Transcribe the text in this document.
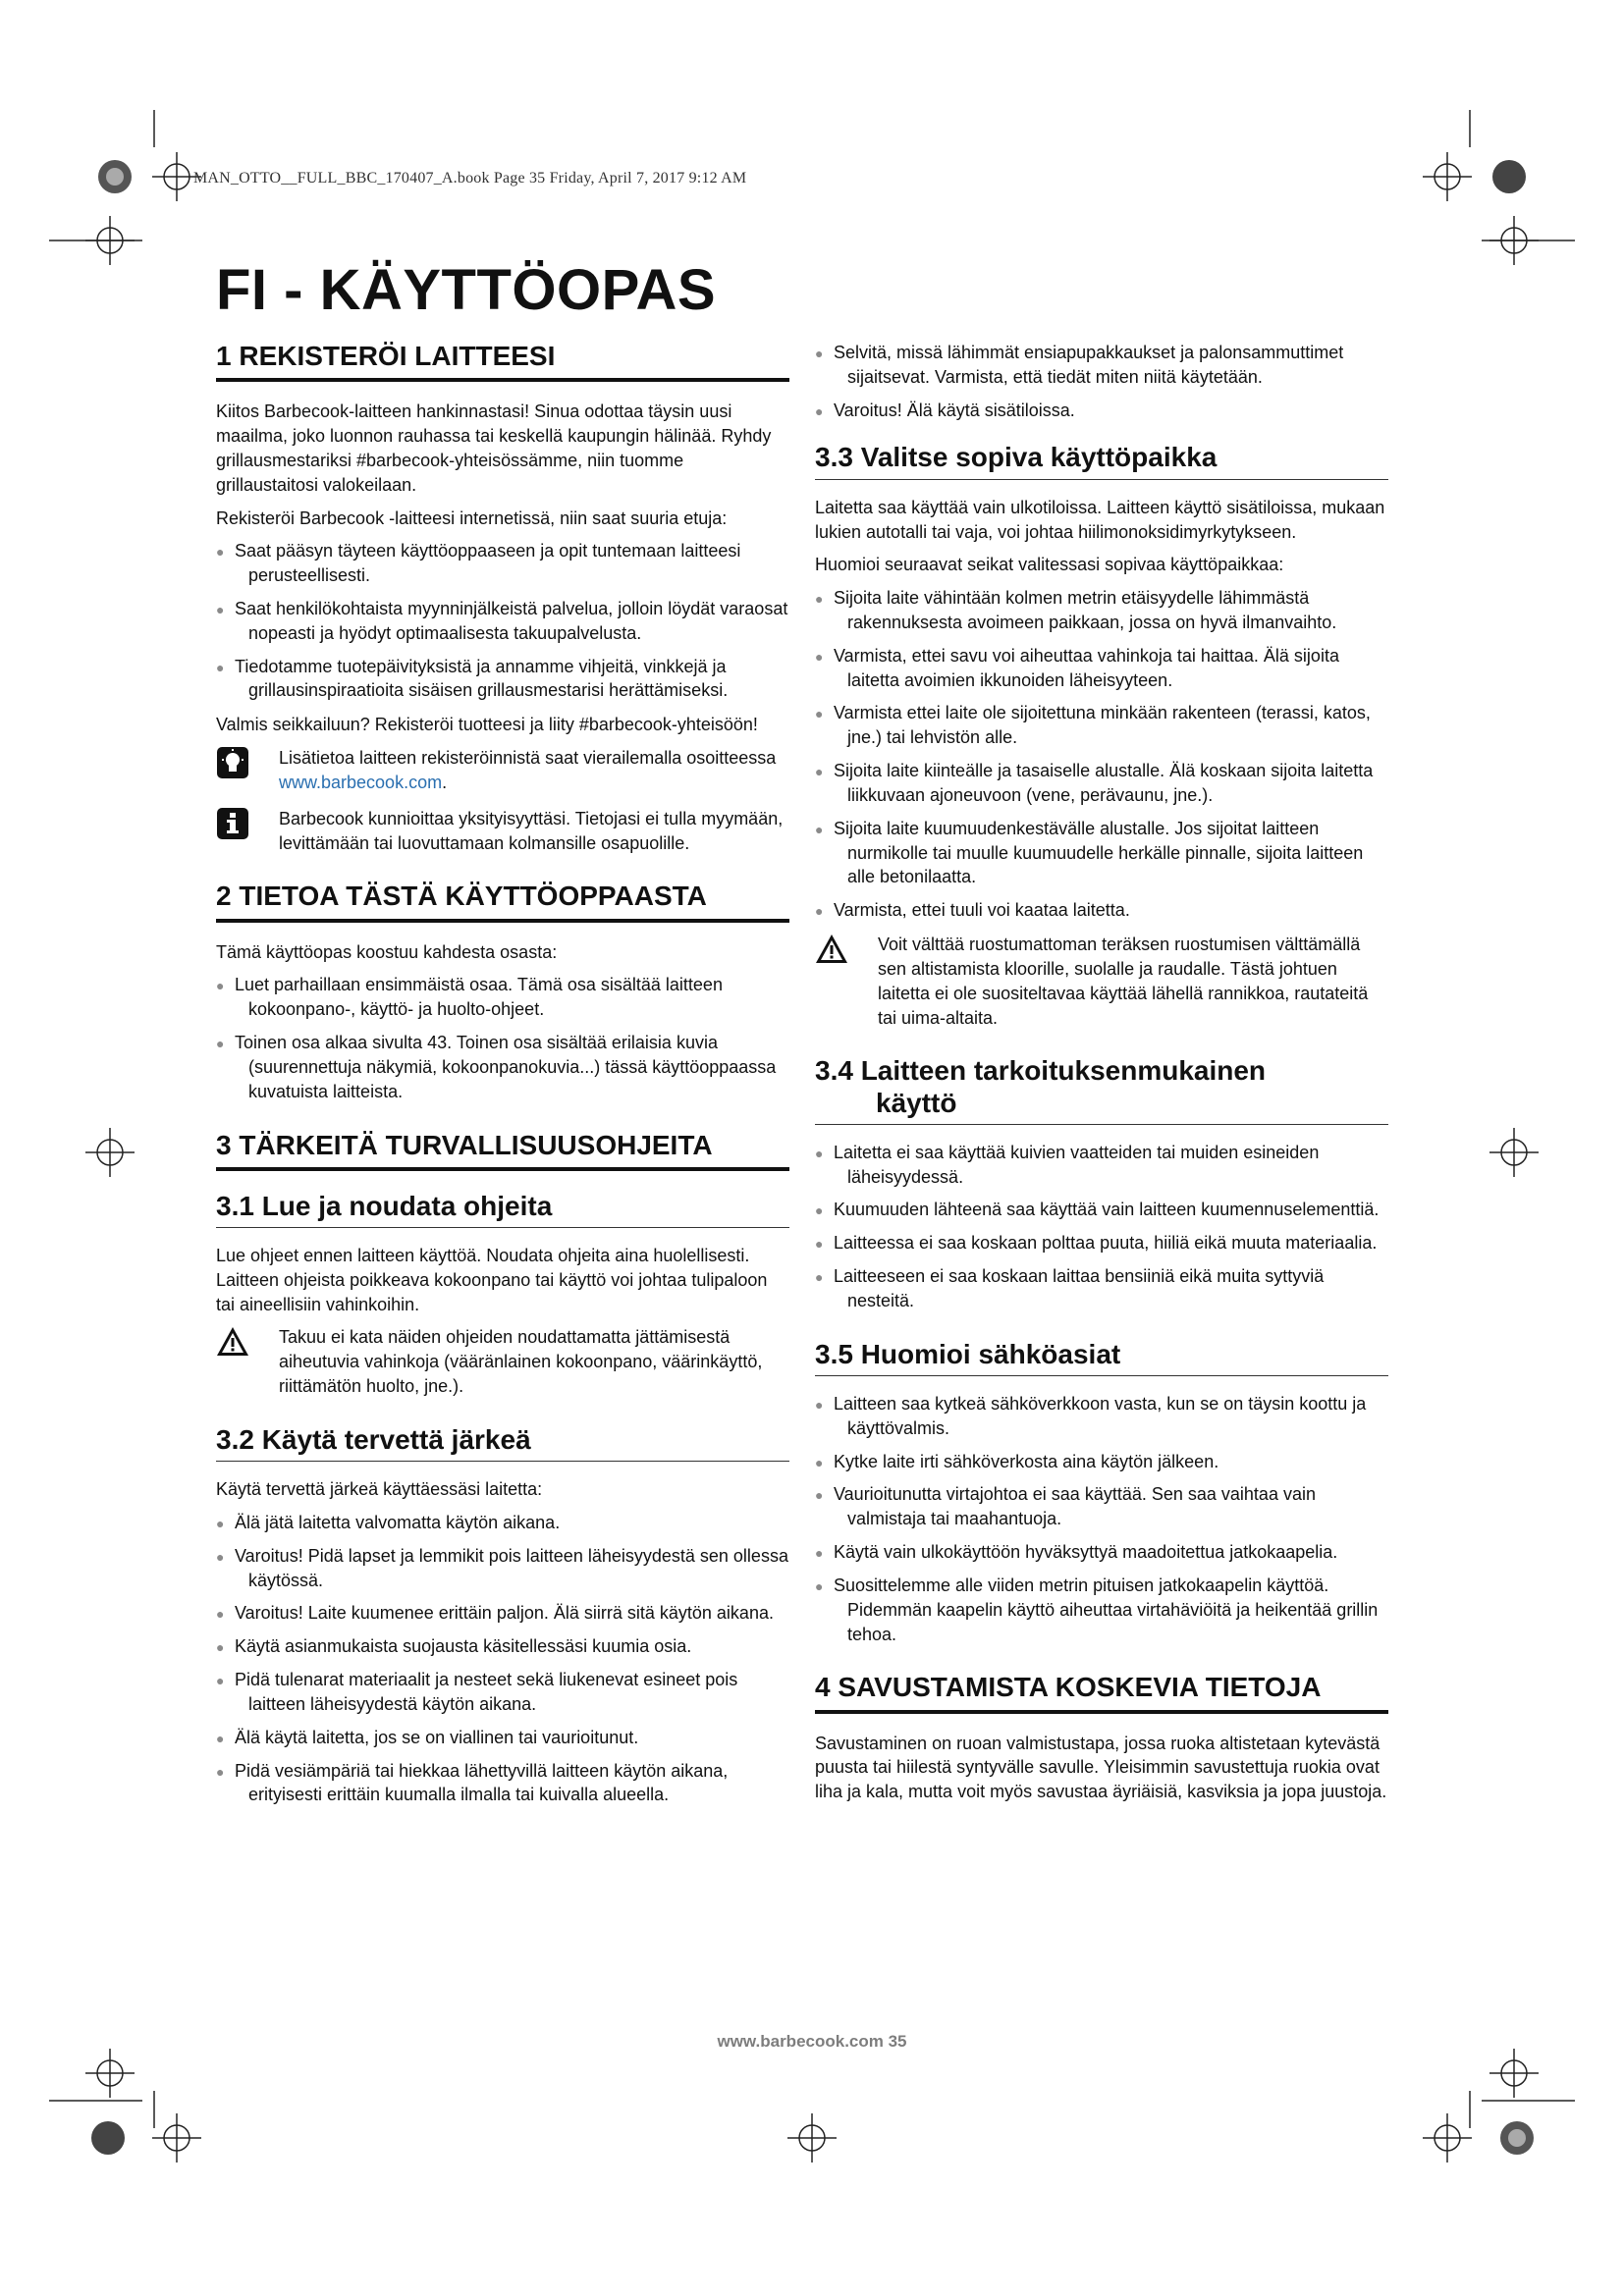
MAN_OTTO__FULL_BBC_170407_A.book Page 35 Friday, April 7, 2017 9:12 AM
FI - KÄYTTÖOPAS
1 REKISTERÖI LAITTEESI

Kiitos Barbecook-laitteen hankinnastasi! Sinua odottaa täysin uusi maailma, joko luonnon rauhassa tai keskellä kaupungin hälinää. Ryhdy grillausmestariksi #barbecook-yhteisössämme, niin tuomme grillaustaitosi valokeilaan.

Rekisteröi Barbecook -laitteesi internetissä, niin saat suuria etuja:

● Saat pääsyn täyteen käyttöoppaaseen ja opit tuntemaan laitteesi perusteellisesti.
● Saat henkilökohtaista myynninjälkeistä palvelua, jolloin löydät varaosat nopeasti ja hyödyt optimaalisesta takuupalvelusta.
● Tiedotamme tuotepäivityksistä ja annamme vihjeitä, vinkkejä ja grillausinspiraatioita sisäisen grillausmestarisi herättämiseksi.

Valmis seikkailuun? Rekisteröi tuotteesi ja liity #barbecook-yhteisöön!

Lisätietoa laitteen rekisteröinnistä saat vierailemalla osoitteessa
www.barbecook.com.

Barbecook kunnioittaa yksityisyyttäsi. Tietojasi ei tulla myymään, levittämään tai luovuttamaan kolmansille osapuolille.

2 TIETOA TÄSTÄ KÄYTTÖOPPAASTA

Tämä käyttöopas koostuu kahdesta osasta:

● Luet parhaillaan ensimmäistä osaa. Tämä osa sisältää laitteen kokoonpano-, käyttö- ja huolto-ohjeet.
● Toinen osa alkaa sivulta 43. Toinen osa sisältää erilaisia kuvia (suurennettuja näkymiä, kokoonpanokuvia...) tässä käyttöoppaassa kuvatuista laitteista.
3 TÄRKEITÄ TURVALLISUUSOHJEITA
3.1 Lue ja noudata ohjeita

Lue ohjeet ennen laitteen käyttöä. Noudata ohjeita aina huolellisesti. Laitteen ohjeista poikkeava kokoonpano tai käyttö voi johtaa tulipaloon tai aineellisiin vahinkoihin.

Takuu ei kata näiden ohjeiden noudattamatta jättämisestä aiheutuvia vahinkoja (vääränlainen kokoonpano, väärinkäyttö, riittämätön huolto, jne.).

3.2 Käytä tervettä järkeä

Käytä tervettä järkeä käyttäessäsi laitetta:

● Älä jätä laitetta valvomatta käytön aikana.
● Varoitus! Pidä lapset ja lemmikit pois laitteen läheisyydestä sen ollessa käytössä.
● Varoitus! Laite kuumenee erittäin paljon. Älä siirrä sitä käytön aikana.
● Käytä asianmukaista suojausta käsitellessäsi kuumia osia.
● Pidä tulenarat materiaalit ja nesteet sekä liukenevat esineet pois laitteen läheisyydestä käytön aikana.
● Älä käytä laitetta, jos se on viallinen tai vaurioitunut.
● Pidä vesiämpäriä tai hiekkaa lähettyvillä laitteen käytön aikana, erityisesti erittäin kuumalla ilmalla tai kuivalla alueella.
● Selvitä, missä lähimmät ensiapupakkaukset ja palonsammuttimet sijaitsevat. Varmista, että tiedät miten niitä käytetään.
● Varoitus! Älä käytä sisätiloissa.
3.3 Valitse sopiva käyttöpaikka

Laitetta saa käyttää vain ulkotiloissa. Laitteen käyttö sisätiloissa, mukaan lukien autotalli tai vaja, voi johtaa hiilimonoksidimyrkytykseen.

Huomioi seuraavat seikat valitessasi sopivaa käyttöpaikkaa:

● Sijoita laite vähintään kolmen metrin etäisyydelle lähimmästä rakennuksesta avoimeen paikkaan, jossa on hyvä ilmanvaihto.
● Varmista, ettei savu voi aiheuttaa vahinkoja tai haittaa. Älä sijoita laitetta avoimien ikkunoiden läheisyyteen.
● Varmista ettei laite ole sijoitettuna minkään rakenteen (terassi, katos, jne.) tai lehvistön alle.
● Sijoita laite kiinteälle ja tasaiselle alustalle. Älä koskaan sijoita laitetta liikkuvaan ajoneuvoon (vene, perävaunu, jne.).
● Sijoita laite kuumuudenkestävälle alustalle. Jos sijoitat laitteen nurmikolle tai muulle kuumuudelle herkälle pinnalle, sijoita laitteen alle betonilaatta.
● Varmista, ettei tuuli voi kaataa laitetta.

Voit välttää ruostumattoman teräksen ruostumisen välttämällä sen altistamista kloorille, suolalle ja raudalle. Tästä johtuen laitetta ei ole suositeltavaa käyttää lähellä rannikkoa, rautateitä tai uima-altaita.

3.4 Laitteen tarkoituksenmukainen
käyttö
● Laitetta ei saa käyttää kuivien vaatteiden tai muiden esineiden läheisyydessä.
● Kuumuuden lähteenä saa käyttää vain laitteen kuumennuselementtiä.
● Laitteessa ei saa koskaan polttaa puuta, hiiliä eikä muuta materiaalia.
● Laitteeseen ei saa koskaan laittaa bensiiniä eikä muita syttyviä nesteitä.
3.5 Huomioi sähköasiat
● Laitteen saa kytkeä sähköverkkoon vasta, kun se on täysin koottu ja käyttövalmis.
● Kytke laite irti sähköverkosta aina käytön jälkeen.
● Vaurioitunutta virtajohtoa ei saa käyttää. Sen saa vaihtaa vain valmistaja tai maahantuoja.
● Käytä vain ulkokäyttöön hyväksyttyä maadoitettua jatkokaapelia.
● Suosittelemme alle viiden metrin pituisen jatkokaapelin käyttöä. Pidemmän kaapelin käyttö aiheuttaa virtahäviöitä ja heikentää grillin tehoa.
4 SAVUSTAMISTA KOSKEVIA TIETOJA

Savustaminen on ruoan valmistustapa, jossa ruoka altistetaan kytevästä puusta tai hiilestä syntyvälle savulle. Yleisimmin savustettuja ruokia ovat liha ja kala, mutta voit myös savustaa äyriäisiä, kasviksia ja jopa juustoja.

www.barbecook.com 35
